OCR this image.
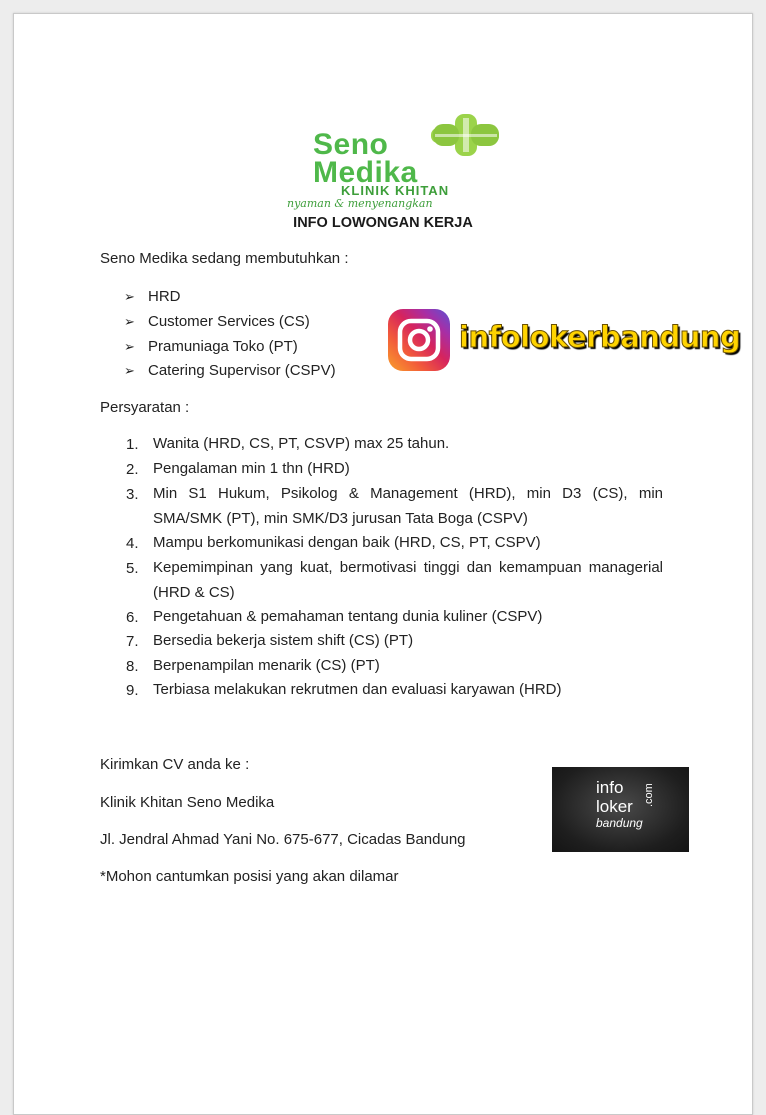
Seno
Medika
KLINIK KHITAN
nyaman & menyenangkan
INFO LOWONGAN KERJA
Seno Medika sedang membutuhkan :
➢ HRD
➢ Customer Services (CS)
➢ Pramuniaga Toko (PT)
➢ Catering Supervisor (CSPV)
infolokerbandung
Persyaratan :
1. Wanita (HRD, CS, PT, CSVP) max 25 tahun.
2. Pengalaman min 1 thn (HRD)
3. Min S1 Hukum, Psikolog & Management (HRD), min D3 (CS), min SMA/SMK (PT), min SMK/D3 jurusan Tata Boga (CSPV)
4. Mampu berkomunikasi dengan baik (HRD, CS, PT, CSPV)
5. Kepemimpinan yang kuat, bermotivasi tinggi dan kemampuan managerial (HRD & CS)
6. Pengetahuan & pemahaman tentang dunia kuliner (CSPV)
7. Bersedia bekerja sistem shift (CS) (PT)
8. Berpenampilan menarik (CS) (PT)
9. Terbiasa melakukan rekrutmen dan evaluasi karyawan (HRD)
Kirimkan CV anda ke :
Klinik Khitan Seno Medika
Jl. Jendral Ahmad Yani No. 675-677, Cicadas Bandung
*Mohon cantumkan posisi yang akan dilamar
info
loker .com
bandung
